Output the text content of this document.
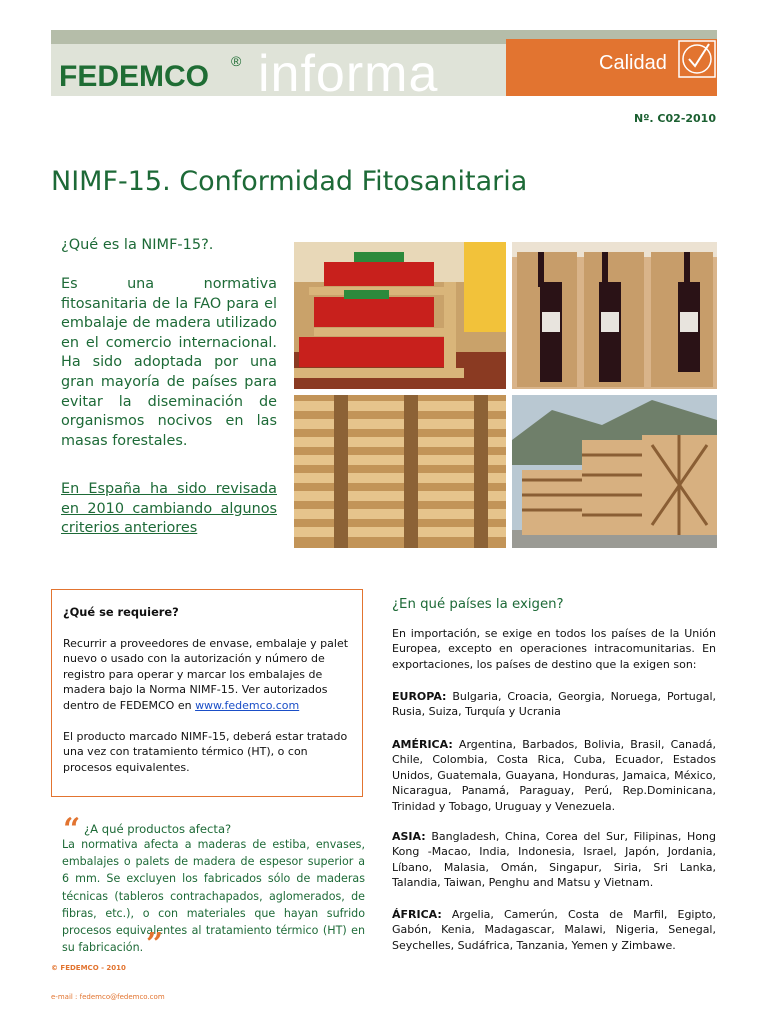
Calidad
FEDEMCO ® informa
Nº. C02-2010
NIMF-15. Conformidad Fitosanitaria
¿Qué es la NIMF-15?.
Es una normativa fitosanitaria de la FAO para el embalaje de madera utilizado en el comercio internacional. Ha sido adoptada por una gran mayoría de países para evitar la diseminación de organismos nocivos en las masas forestales.
En España ha sido revisada en 2010 cambiando algunos criterios anteriores
¿Qué se requiere?
Recurrir a proveedores de envase, embalaje y palet nuevo o usado con la autorización y número de registro para operar y marcar los embalajes de madera bajo la Norma NIMF-15. Ver autorizados dentro de FEDEMCO en www.fedemco.com
El producto marcado NIMF-15, deberá estar tratado una vez con tratamiento térmico (HT), o con procesos equivalentes.
“ ¿A qué productos afecta?
La normativa afecta a maderas de estiba, envases, embalajes o palets de madera de espesor superior a 6 mm. Se excluyen los fabricados sólo de maderas técnicas (tableros contrachapados, aglomerados, de fibras, etc.), o con materiales que hayan sufrido procesos equivalentes al tratamiento térmico (HT) en su fabricación. ”
¿En qué países la exigen?
En importación, se exige en todos los países de la Unión Europea, excepto en operaciones intracomunitarias. En exportaciones, los países de destino que la exigen son:
EUROPA: Bulgaria, Croacia, Georgia, Noruega, Portugal, Rusia, Suiza, Turquía y Ucrania
AMÉRICA: Argentina, Barbados, Bolivia, Brasil, Canadá, Chile, Colombia, Costa Rica, Cuba, Ecuador, Estados Unidos, Guatemala, Guayana, Honduras, Jamaica, México, Nicaragua, Panamá, Paraguay, Perú, Rep.Dominicana, Trinidad y Tobago, Uruguay y Venezuela.
ASIA: Bangladesh, China, Corea del Sur, Filipinas, Hong Kong -Macao, India, Indonesia, Israel, Japón, Jordania, Líbano, Malasia, Omán, Singapur, Siria, Sri Lanka, Talandia, Taiwan, Penghu and Matsu y Vietnam.
ÁFRICA: Argelia, Camerún, Costa de Marfil, Egipto, Gabón, Kenia, Madagascar, Malawi, Nigeria, Senegal, Seychelles, Sudáfrica, Tanzania, Yemen y Zimbawe.
© FEDEMCO - 2010
e-mail : fedemco@fedemco.com
